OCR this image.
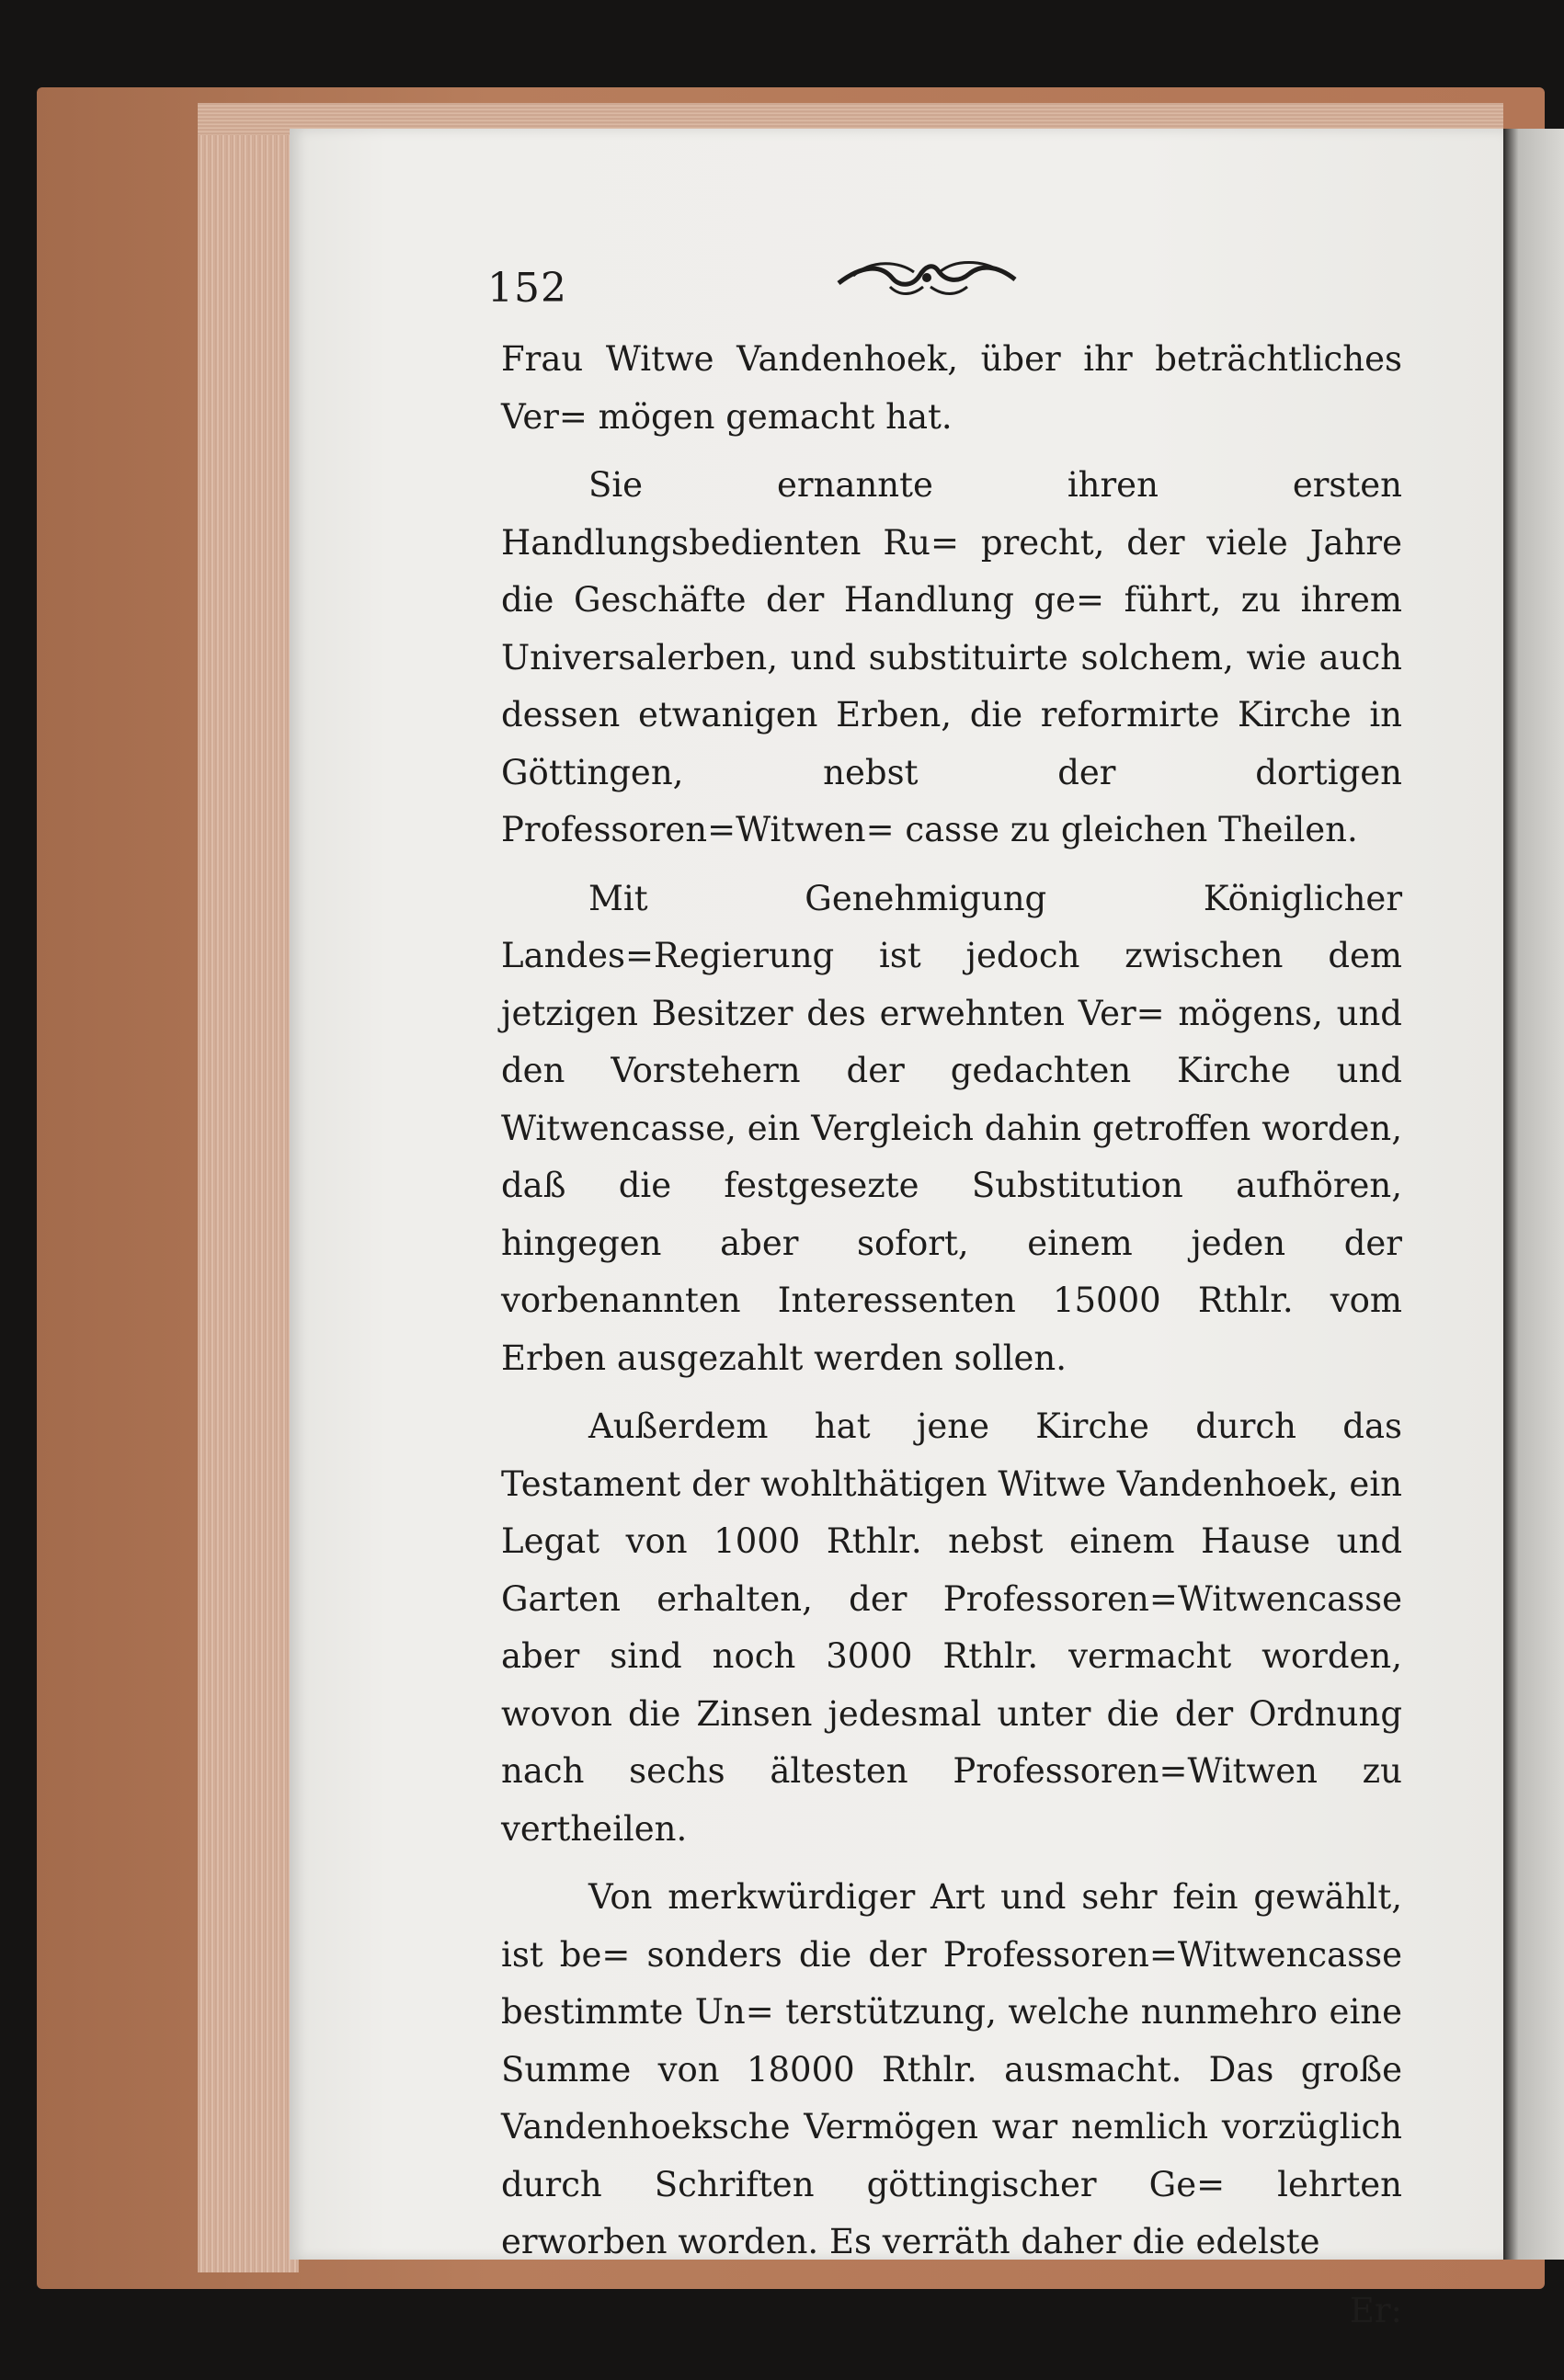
152

Frau Witwe Vandenhoek, über ihr beträchtliches Ver= mögen gemacht hat.

Sie ernannte ihren ersten Handlungsbedienten Ru= precht, der viele Jahre die Geschäfte der Handlung ge= führt, zu ihrem Universalerben, und substituirte solchem, wie auch dessen etwanigen Erben, die reformirte Kirche in Göttingen, nebst der dortigen Professoren=Witwen= casse zu gleichen Theilen.

Mit Genehmigung Königlicher Landes=Regierung ist jedoch zwischen dem jetzigen Besitzer des erwehnten Ver= mögens, und den Vorstehern der gedachten Kirche und Witwencasse, ein Vergleich dahin getroffen worden, daß die festgesezte Substitution aufhören, hingegen aber sofort, einem jeden der vorbenannten Interessenten 15000 Rthlr. vom Erben ausgezahlt werden sollen.

Außerdem hat jene Kirche durch das Testament der wohlthätigen Witwe Vandenhoek, ein Legat von 1000 Rthlr. nebst einem Hause und Garten erhalten, der Professoren=Witwencasse aber sind noch 3000 Rthlr. vermacht worden, wovon die Zinsen jedesmal unter die der Ordnung nach sechs ältesten Professoren=Witwen zu vertheilen.

Von merkwürdiger Art und sehr fein gewählt, ist be= sonders die der Professoren=Witwencasse bestimmte Un= terstützung, welche nunmehro eine Summe von 18000 Rthlr. ausmacht. Das große Vandenhoeksche Vermögen war nemlich vorzüglich durch Schriften göttingischer Ge= lehrten erworben worden. Es verräth daher die edelste

Er:
